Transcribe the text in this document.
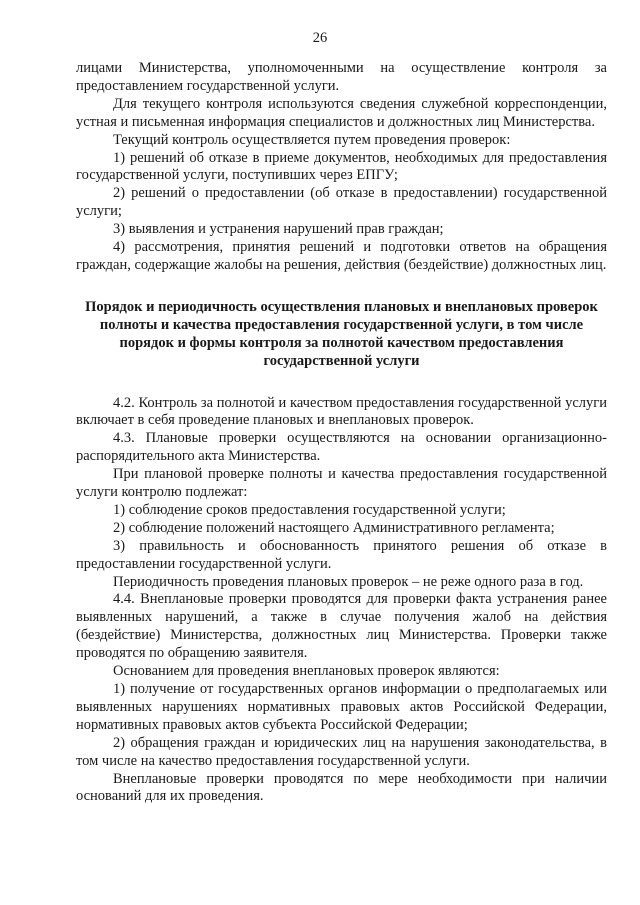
26

лицами Министерства, уполномоченными на осуществление контроля за предоставлением государственной услуги.

Для текущего контроля используются сведения служебной корреспонденции, устная и письменная информация специалистов и должностных лиц Министерства.

Текущий контроль осуществляется путем проведения проверок:

1) решений об отказе в приеме документов, необходимых для предоставления государственной услуги, поступивших через ЕПГУ;

2) решений о предоставлении (об отказе в предоставлении) государственной услуги;

3) выявления и устранения нарушений прав граждан;

4) рассмотрения, принятия решений и подготовки ответов на обращения граждан, содержащие жалобы на решения, действия (бездействие) должностных лиц.

Порядок и периодичность осуществления плановых и внеплановых проверок полноты и качества предоставления государственной услуги, в том числе порядок и формы контроля за полнотой качеством предоставления государственной услуги

4.2. Контроль за полнотой и качеством предоставления государственной услуги включает в себя проведение плановых и внеплановых проверок.

4.3. Плановые проверки осуществляются на основании организационно-распорядительного акта Министерства.

При плановой проверке полноты и качества предоставления государственной услуги контролю подлежат:

1) соблюдение сроков предоставления государственной услуги;

2) соблюдение положений настоящего Административного регламента;

3) правильность и обоснованность принятого решения об отказе в предоставлении государственной услуги.

Периодичность проведения плановых проверок – не реже одного раза в год.

4.4. Внеплановые проверки проводятся для проверки факта устранения ранее выявленных нарушений, а также в случае получения жалоб на действия (бездействие) Министерства, должностных лиц Министерства. Проверки также проводятся по обращению заявителя.

Основанием для проведения внеплановых проверок являются:

1) получение от государственных органов информации о предполагаемых или выявленных нарушениях нормативных правовых актов Российской Федерации, нормативных правовых актов субъекта Российской Федерации;

2) обращения граждан и юридических лиц на нарушения законодательства, в том числе на качество предоставления государственной услуги.

Внеплановые проверки проводятся по мере необходимости при наличии оснований для их проведения.
